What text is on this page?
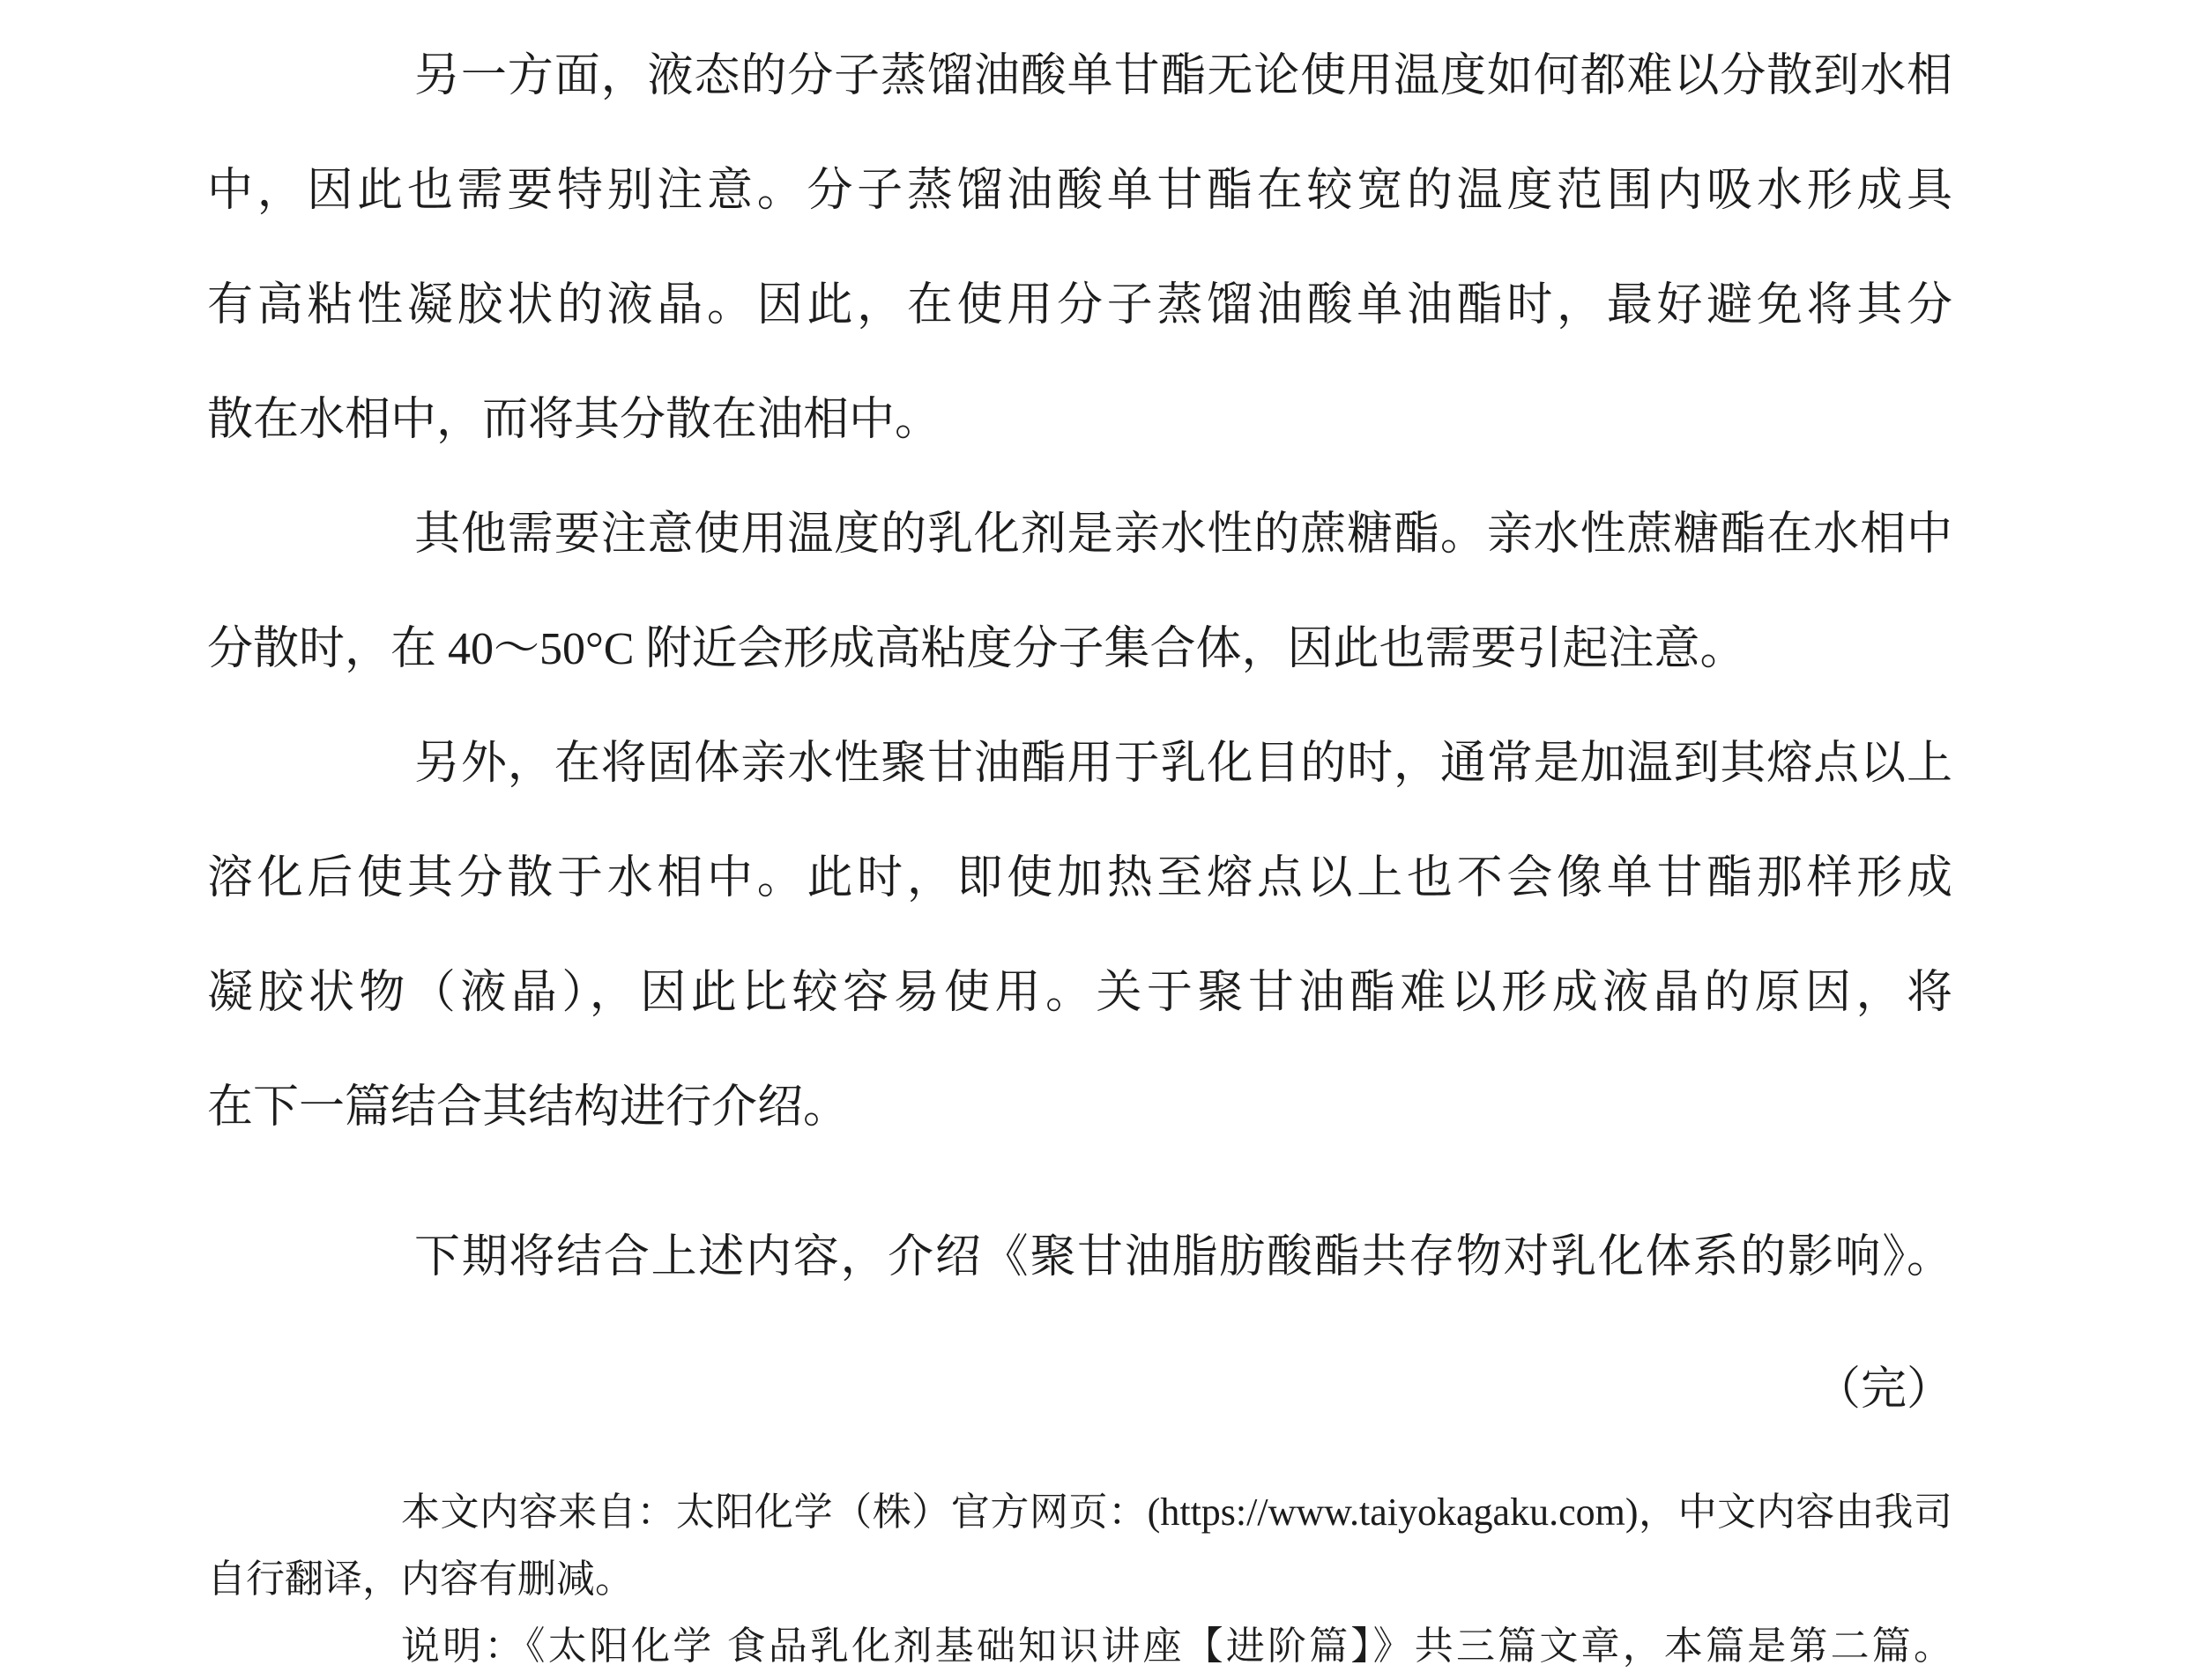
另一方面，液态的分子蒸馏油酸单甘酯无论使用温度如何都难以分散到水相
中，因此也需要特别注意。分子蒸馏油酸单甘酯在较宽的温度范围内吸水形成具
有高粘性凝胶状的液晶。因此，在使用分子蒸馏油酸单油酯时，最好避免将其分
散在水相中，而将其分散在油相中。
其他需要注意使用温度的乳化剂是亲水性的蔗糖酯。亲水性蔗糖酯在水相中
分散时，在 40～50°C 附近会形成高粘度分子集合体，因此也需要引起注意。
另外，在将固体亲水性聚甘油酯用于乳化目的时，通常是加温到其熔点以上
溶化后使其分散于水相中。此时，即使加热至熔点以上也不会像单甘酯那样形成
凝胶状物（液晶），因此比较容易使用。关于聚甘油酯难以形成液晶的原因，将
在下一篇结合其结构进行介绍。
下期将结合上述内容，介绍《聚甘油脂肪酸酯共存物对乳化体系的影响》。
（完）

本文内容来自：太阳化学（株）官方网页：(https://www.taiyokagaku.com)，中文内容由我司自行翻译，内容有删减。

说明：《太阳化学 食品乳化剂基础知识讲座【进阶篇】》共三篇文章，本篇是第二篇。
